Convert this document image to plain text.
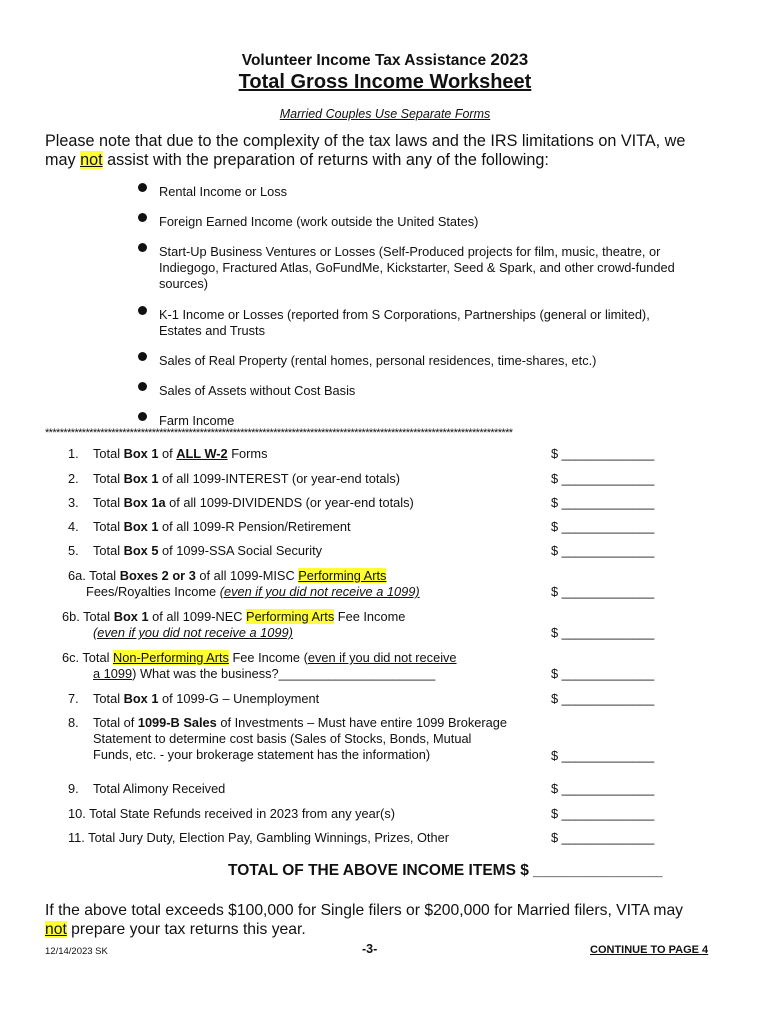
Volunteer Income Tax Assistance 2023
Total Gross Income Worksheet
Married Couples Use Separate Forms
Please note that due to the complexity of the tax laws and the IRS limitations on VITA, we
may not assist with the preparation of returns with any of the following:
Rental Income or Loss
Foreign Earned Income (work outside the United States)
Start-Up Business Ventures or Losses (Self-Produced projects for film, music, theatre, or
Indiegogo, Fractured Atlas, GoFundMe, Kickstarter, Seed & Spark, and other crowd-funded
sources)
K-1 Income or Losses (reported from S Corporations, Partnerships (general or limited),
Estates and Trusts
Sales of Real Property (rental homes, personal residences, time-shares, etc.)
Sales of Assets without Cost Basis
Farm Income
*******************************************************************************************************************************
1. Total Box 1 of ALL W-2 Forms	$ _____________
2. Total Box 1 of all 1099-INTEREST (or year-end totals)	$ _____________
3. Total Box 1a of all 1099-DIVIDENDS (or year-end totals)	$ _____________
4. Total Box 1 of all 1099-R Pension/Retirement	$ _____________
5. Total Box 5 of 1099-SSA Social Security	$ _____________
6a. Total Boxes 2 or 3 of all 1099-MISC Performing Arts
Fees/Royalties Income (even if you did not receive a 1099)	$ _____________
6b. Total Box 1 of all 1099-NEC Performing Arts Fee Income
(even if you did not receive a 1099)	$ _____________
6c. Total Non-Performing Arts Fee Income (even if you did not receive
a 1099) What was the business?______________________	$ _____________
7. Total Box 1 of 1099-G – Unemployment	$ _____________
8. Total of 1099-B Sales of Investments – Must have entire 1099 Brokerage
Statement to determine cost basis (Sales of Stocks, Bonds, Mutual
Funds, etc. - your brokerage statement has the information)	$ _____________
9. Total Alimony Received	$ _____________
10. Total State Refunds received in 2023 from any year(s)	$ _____________
11. Total Jury Duty, Election Pay, Gambling Winnings, Prizes, Other	$ _____________
TOTAL OF THE ABOVE INCOME ITEMS $ _______________
If the above total exceeds $100,000 for Single filers or $200,000 for Married filers, VITA may
not prepare your tax returns this year.
12/14/2023 SK	-3-	CONTINUE TO PAGE 4
